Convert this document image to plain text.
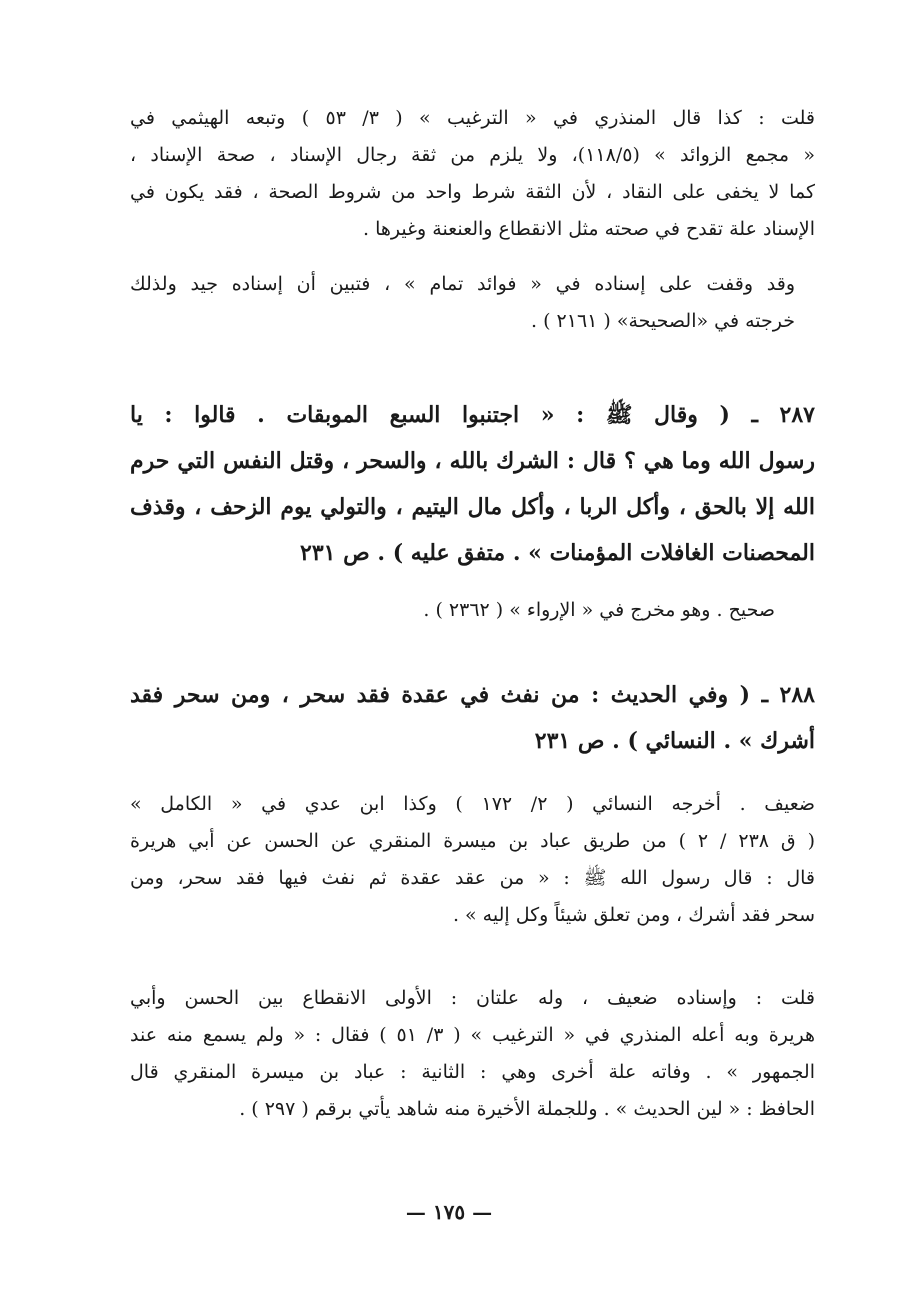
قلت : كذا قال المنذري في « الترغيب » ( ٣/ ٥٣ ) وتبعه الهيثمي في
« مجمع الزوائد » (١١٨/٥)، ولا يلزم من ثقة رجال الإسناد ، صحة الإسناد ،
كما لا يخفى على النقاد ، لأن الثقة شرط واحد من شروط الصحة ، فقد يكون في
الإسناد علة تقدح في صحته مثل الانقطاع والعنعنة وغيرها .
وقد وقفت على إسناده في « فوائد تمام » ، فتبين أن إسناده جيد ولذلك
خرجته في «الصحيحة» ( ٢١٦١ ) .
٢٨٧ ـ ( وقال ﷺ : « اجتنبوا السبع الموبقات . قالوا : يا
رسول الله وما هي ؟ قال : الشرك بالله ، والسحر ، وقتل النفس التي حرم
الله إلا بالحق ، وأكل الربا ، وأكل مال اليتيم ، والتولي يوم الزحف ، وقذف
المحصنات الغافلات المؤمنات » . متفق عليه ) . ص ٢٣١
صحيح . وهو مخرج في « الإرواء » ( ٢٣٦٢ ) .
٢٨٨ ـ ( وفي الحديث : من نفث في عقدة فقد سحر ، ومن سحر فقد
أشرك » . النسائي ) . ص ٢٣١
ضعيف . أخرجه النسائي ( ٢/ ١٧٢ ) وكذا ابن عدي في « الكامل »
( ق ٢٣٨ / ٢ ) من طريق عباد بن ميسرة المنقري عن الحسن عن أبي هريرة
قال : قال رسول الله ﷺ : « من عقد عقدة ثم نفث فيها فقد سحر، ومن
سحر فقد أشرك ، ومن تعلق شيئاً وكل إليه » .
قلت : وإسناده ضعيف ، وله علتان : الأولى الانقطاع بين الحسن وأبي
هريرة وبه أعله المنذري في « الترغيب » ( ٣/ ٥١ ) فقال : « ولم يسمع منه عند
الجمهور » . وفاته علة أخرى وهي : الثانية : عباد بن ميسرة المنقري قال
الحافظ : « لين الحديث » . وللجملة الأخيرة منه شاهد يأتي برقم ( ٢٩٧ ) .
— ١٧٥ —
